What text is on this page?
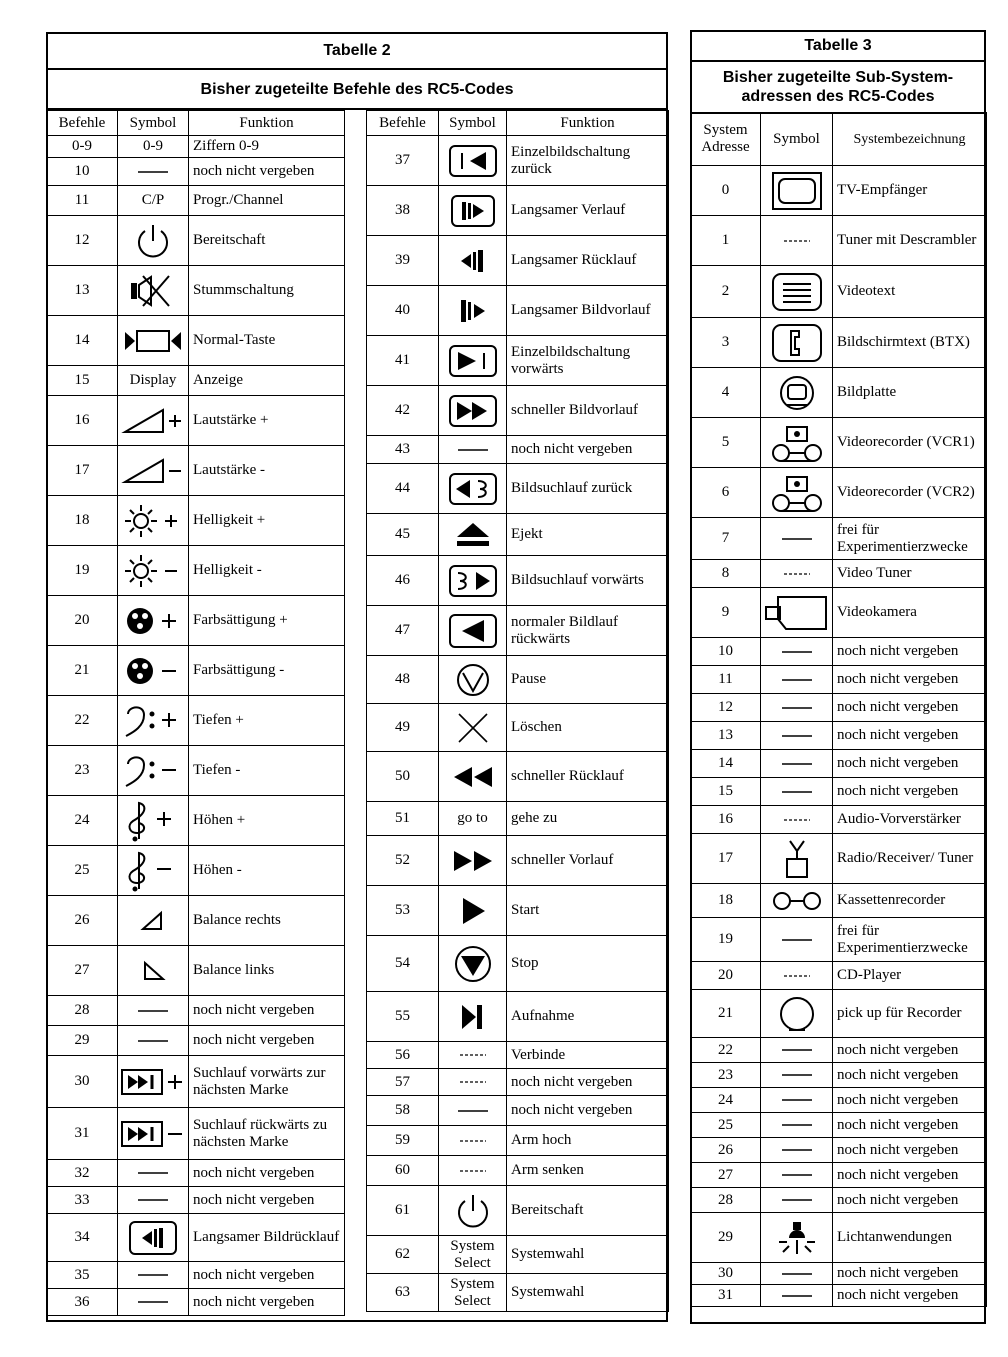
Tabelle 2
Bisher zugeteilte Befehle des RC5-Codes
Befehle	Symbol	Funktion
0-9	0-9	Ziffern 0-9
10		noch nicht vergeben
11	C/P	Progr./Channel
12		Bereitschaft
13		Stummschaltung
14		Normal-Taste
15	Display	Anzeige
16		Lautstärke +
17		Lautstärke -
18		Helligkeit +
19		Helligkeit -
20		Farbsättigung +
21		Farbsättigung -
22		Tiefen +
23		Tiefen -
24		Höhen +
25		Höhen -
26		Balance rechts
27		Balance links
28		noch nicht vergeben
29		noch nicht vergeben
30		Suchlauf vorwärts zur nächsten Marke
31		Suchlauf rückwärts zu nächsten Marke
32		noch nicht vergeben
33		noch nicht vergeben
34		Langsamer Bildrücklauf
35		noch nicht vergeben
36		noch nicht vergeben
Befehle	Symbol	Funktion
37		Einzelbildschaltung zurück
38		Langsamer Verlauf
39		Langsamer Rücklauf
40		Langsamer Bildvorlauf
41		Einzelbildschaltung vorwärts
42		schneller Bildvorlauf
43		noch nicht vergeben
44		Bildsuchlauf zurück
45		Ejekt
46		Bildsuchlauf vorwärts
47		normaler Bildlauf rückwärts
48		Pause
49		Löschen
50		schneller Rücklauf
51	go to	gehe zu
52		schneller Vorlauf
53		Start
54		Stop
55		Aufnahme
56		Verbinde
57		noch nicht vergeben
58		noch nicht vergeben
59		Arm hoch
60		Arm senken
61		Bereitschaft
62	System Select	Systemwahl
63	System Select	Systemwahl
Tabelle 3
Bisher zugeteilte Sub-System-
adressen des RC5-Codes
System Adresse	Symbol	Systembezeichnung
0		TV-Empfänger
1		Tuner mit Descrambler
2		Videotext
3		Bildschirmtext (BTX)
4		Bildplatte
5		Videorecorder (VCR1)
6		Videorecorder (VCR2)
7		frei für Experimentierzwecke
8		Video Tuner
9		Videokamera
10		noch nicht vergeben
11		noch nicht vergeben
12		noch nicht vergeben
13		noch nicht vergeben
14		noch nicht vergeben
15		noch nicht vergeben
16		Audio-Vorverstärker
17		Radio/Receiver/ Tuner
18		Kassettenrecorder
19		frei für Experimentierzwecke
20		CD-Player
21		pick up für Recorder
22		noch nicht vergeben
23		noch nicht vergeben
24		noch nicht vergeben
25		noch nicht vergeben
26		noch nicht vergeben
27		noch nicht vergeben
28		noch nicht vergeben
29		Lichtanwendungen
30		noch nicht vergeben
31		noch nicht vergeben
